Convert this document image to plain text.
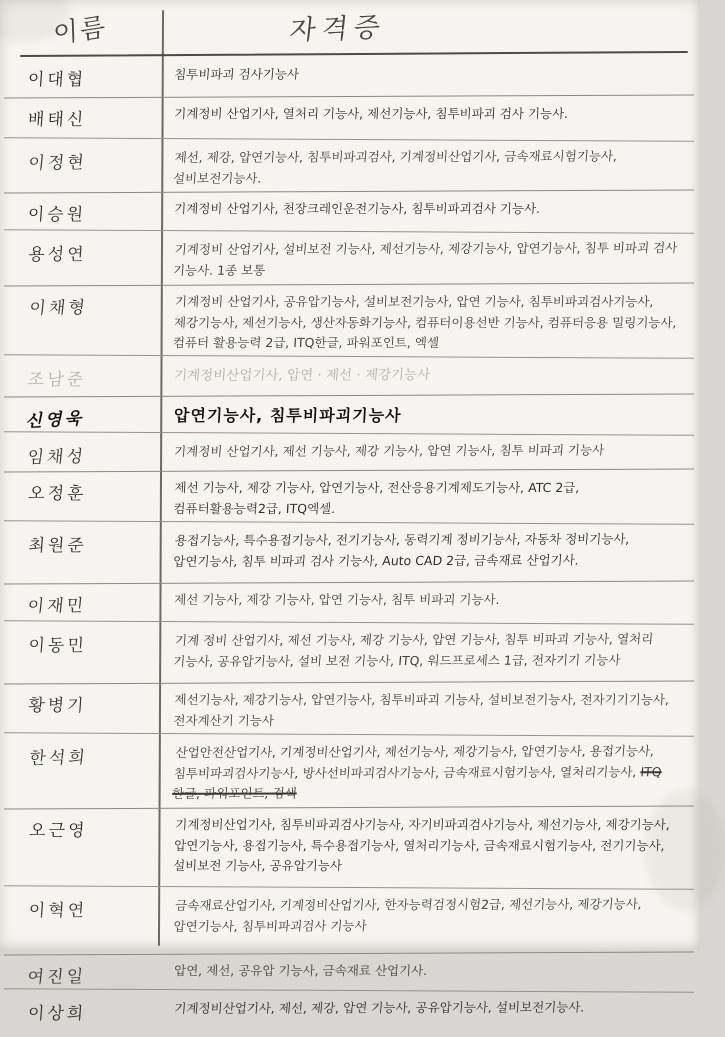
이름	자격증
이대협	침투비파괴 검사기능사
배태신	기계정비 산업기사, 열처리 기능사, 제선기능사, 침투비파괴 검사 기능사.
이정현	제선, 제강, 압연기능사, 침투비파괴검사, 기계정비산업기사, 금속재료시험기능사, 설비보전기능사.
이승원	기계정비 산업기사, 천장크레인운전기능사, 침투비파괴검사 기능사.
용성연	기계정비 산업기사, 설비보전 기능사, 제선기능사, 제강기능사, 압연기능사, 침투 비파괴 검사 기능사. 1종 보통
이채형	기계정비 산업기사, 공유압기능사, 설비보전기능사, 압연 기능사, 침투비파괴검사기능사, 제강기능사, 제선기능사, 생산자동화기능사, 컴퓨터이용선반 기능사, 컴퓨터응용 밀링기능사, 컴퓨터 활용능력 2급, ITQ한글, 파워포인트, 엑셀
조남준	기계정비산업기사, 압연 · 제선 · 제강기능사
신영욱	압연기능사, 침투비파괴기능사
임채성	기계정비 산업기사, 제선 기능사, 제강 기능사, 압연 기능사, 침투 비파괴 기능사
오정훈	제선 기능사, 제강 기능사, 압연기능사, 전산응용기계제도기능사, ATC 2급, 컴퓨터활용능력2급, ITQ엑셀.
최원준	용접기능사, 특수용접기능사, 전기기능사, 동력기계 정비기능사, 자동차 정비기능사, 압연기능사, 침투 비파괴 검사 기능사, Auto CAD 2급, 금속재료 산업기사.
이재민	제선 기능사, 제강 기능사, 압연 기능사, 침투 비파괴 기능사.
이동민	기계 정비 산업기사, 제선 기능사, 제강 기능사, 압연 기능사, 침투 비파괴 기능사, 열처리 기능사, 공유압기능사, 설비 보전 기능사, ITQ, 워드프로세스 1급, 전자기기 기능사
황병기	제선기능사, 제강기능사, 압연기능사, 침투비파괴 기능사, 설비보전기능사, 전자기기기능사, 전자계산기 기능사
한석희	산업안전산업기사, 기계정비산업기사, 제선기능사, 제강기능사, 압연기능사, 용접기능사, 침투비파괴검사기능사, 방사선비파괴검사기능사, 금속재료시험기능사, 열처리기능사, ITQ 한글, 파워포인트, 검색
오근영	기계정비산업기사, 침투비파괴검사기능사, 자기비파괴검사기능사, 제선기능사, 제강기능사, 압연기능사, 용접기능사, 특수용접기능사, 열처리기능사, 금속재료시험기능사, 전기기능사, 설비보전 기능사, 공유압기능사
이혁연	금속재료산업기사, 기계정비산업기사, 한자능력검정시험2급, 제선기능사, 제강기능사, 압연기능사, 침투비파괴검사 기능사
여진일	압연, 제선, 공유압 기능사, 금속재료 산업기사.
이상희	기계정비산업기사, 제선, 제강, 압연 기능사, 공유압기능사, 설비보전기능사.
